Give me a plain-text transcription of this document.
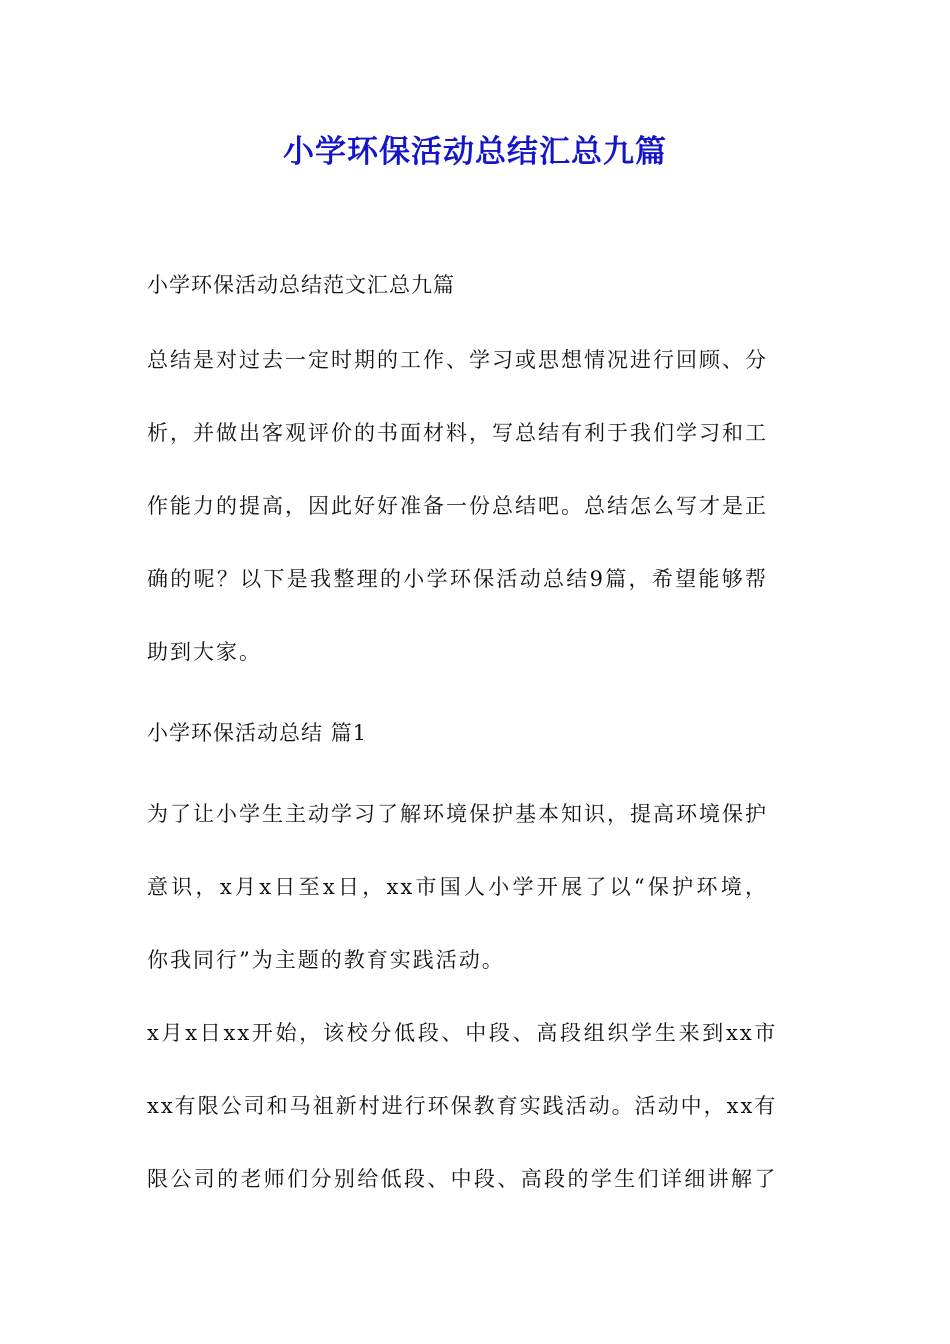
小学环保活动总结汇总九篇

小学环保活动总结范文汇总九篇

总结是对过去一定时期的工作、学习或思想情况进行回顾、分
析，并做出客观评价的书面材料，写总结有利于我们学习和工
作能力的提高，因此好好准备一份总结吧。总结怎么写才是正
确的呢？以下是我整理的小学环保活动总结9篇，希望能够帮
助到大家。

小学环保活动总结 篇1

为了让小学生主动学习了解环境保护基本知识，提高环境保护
意识，x月x日至x日，xx市国人小学开展了以“保护环境，
你我同行”为主题的教育实践活动。
x月x日xx开始，该校分低段、中段、高段组织学生来到xx市
xx有限公司和马祖新村进行环保教育实践活动。活动中，xx有
限公司的老师们分别给低段、中段、高段的学生们详细讲解了
